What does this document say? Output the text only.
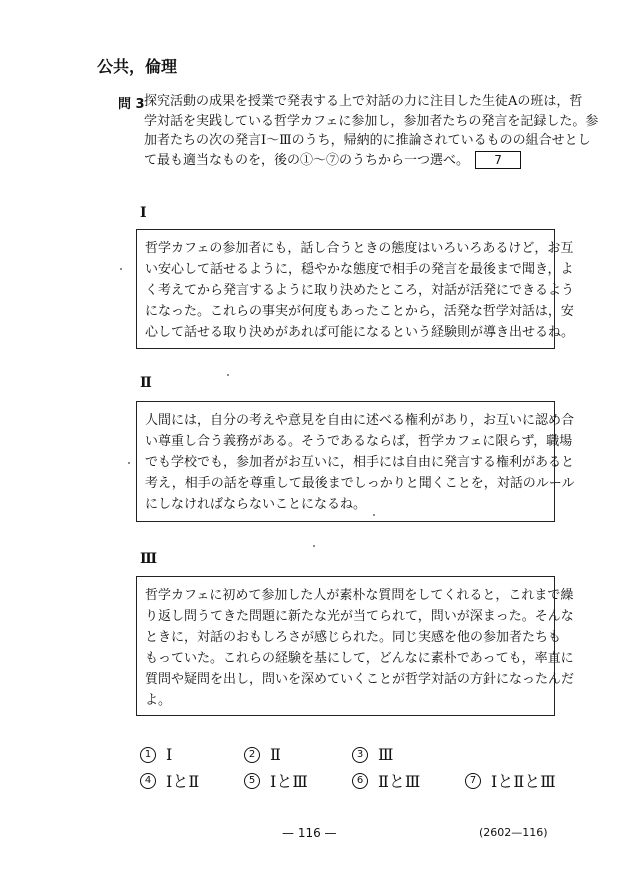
公共，倫理
問 3 探究活動の成果を授業で発表する上で対話の力に注目した生徒Aの班は，哲
学対話を実践している哲学カフェに参加し，参加者たちの発言を記録した。参
加者たちの次の発言Ⅰ～Ⅲのうち，帰納的に推論されているものの組合せとし
て最も適当なものを，後の①～⑦のうちから一つ選べ。 7
Ⅰ
哲学カフェの参加者にも，話し合うときの態度はいろいろあるけど，お互
い安心して話せるように，穏やかな態度で相手の発言を最後まで聞き，よ
く考えてから発言するように取り決めたところ，対話が活発にできるよう
になった。これらの事実が何度もあったことから，活発な哲学対話は，安
心して話せる取り決めがあれば可能になるという経験則が導き出せるね。
Ⅱ
人間には，自分の考えや意見を自由に述べる権利があり，お互いに認め合
い尊重し合う義務がある。そうであるならば，哲学カフェに限らず，職場
でも学校でも，参加者がお互いに，相手には自由に発言する権利があると
考え，相手の話を尊重して最後までしっかりと聞くことを，対話のルール
にしなければならないことになるね。
Ⅲ
哲学カフェに初めて参加した人が素朴な質問をしてくれると，これまで繰
り返し問うてきた問題に新たな光が当てられて，問いが深まった。そんな
ときに，対話のおもしろさが感じられた。同じ実感を他の参加者たちも
もっていた。これらの経験を基にして，どんなに素朴であっても，率直に
質問や疑問を出し，問いを深めていくことが哲学対話の方針になったんだ
よ。
1 Ⅰ	2 Ⅱ	3 Ⅲ
4 ⅠとⅡ	5 ⅠとⅢ	6 ⅡとⅢ	7 ⅠとⅡとⅢ
— 116 —	(2602—116)
